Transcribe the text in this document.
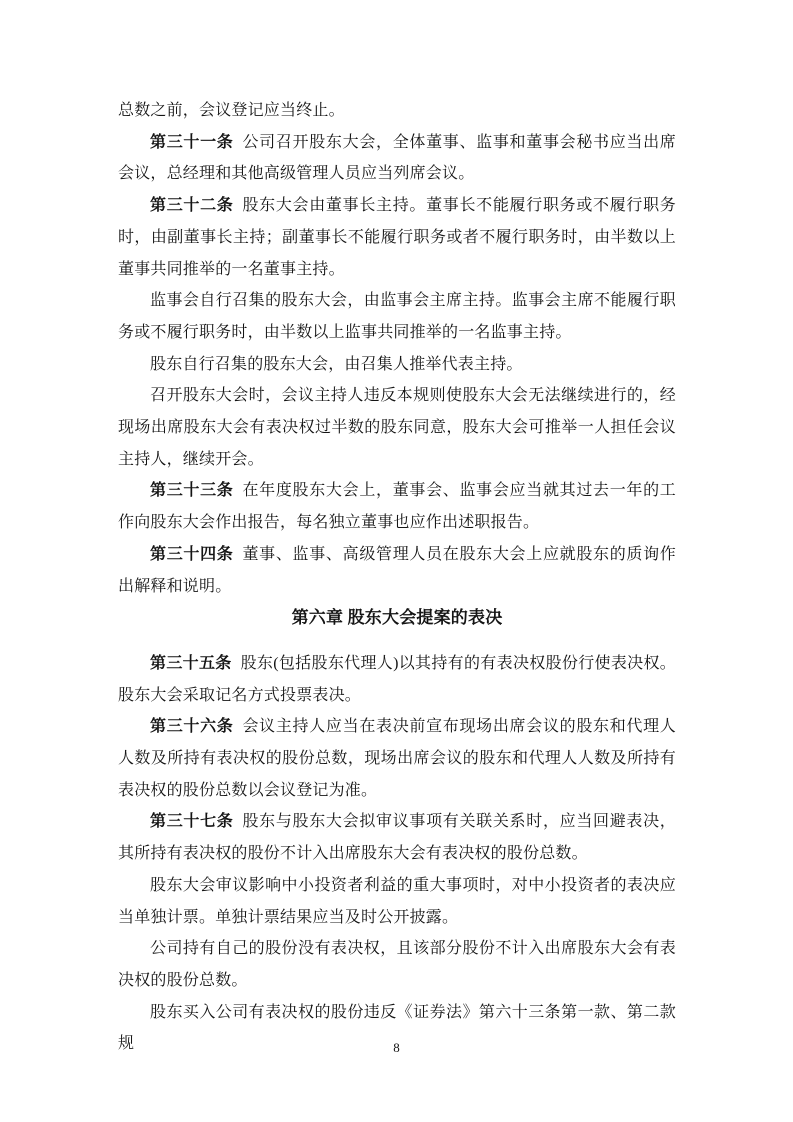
总数之前，会议登记应当终止。

第三十一条 公司召开股东大会，全体董事、监事和董事会秘书应当出席会议，总经理和其他高级管理人员应当列席会议。

第三十二条 股东大会由董事长主持。董事长不能履行职务或不履行职务时，由副董事长主持；副董事长不能履行职务或者不履行职务时，由半数以上董事共同推举的一名董事主持。

监事会自行召集的股东大会，由监事会主席主持。监事会主席不能履行职务或不履行职务时，由半数以上监事共同推举的一名监事主持。

股东自行召集的股东大会，由召集人推举代表主持。

召开股东大会时，会议主持人违反本规则使股东大会无法继续进行的，经现场出席股东大会有表决权过半数的股东同意，股东大会可推举一人担任会议主持人，继续开会。

第三十三条 在年度股东大会上，董事会、监事会应当就其过去一年的工作向股东大会作出报告，每名独立董事也应作出述职报告。

第三十四条 董事、监事、高级管理人员在股东大会上应就股东的质询作出解释和说明。

第六章 股东大会提案的表决

第三十五条 股东(包括股东代理人)以其持有的有表决权股份行使表决权。股东大会采取记名方式投票表决。

第三十六条 会议主持人应当在表决前宣布现场出席会议的股东和代理人人数及所持有表决权的股份总数，现场出席会议的股东和代理人人数及所持有表决权的股份总数以会议登记为准。

第三十七条 股东与股东大会拟审议事项有关联关系时，应当回避表决，其所持有表决权的股份不计入出席股东大会有表决权的股份总数。

股东大会审议影响中小投资者利益的重大事项时，对中小投资者的表决应当单独计票。单独计票结果应当及时公开披露。

公司持有自己的股份没有表决权，且该部分股份不计入出席股东大会有表决权的股份总数。

股东买入公司有表决权的股份违反《证券法》第六十三条第一款、第二款规	8
